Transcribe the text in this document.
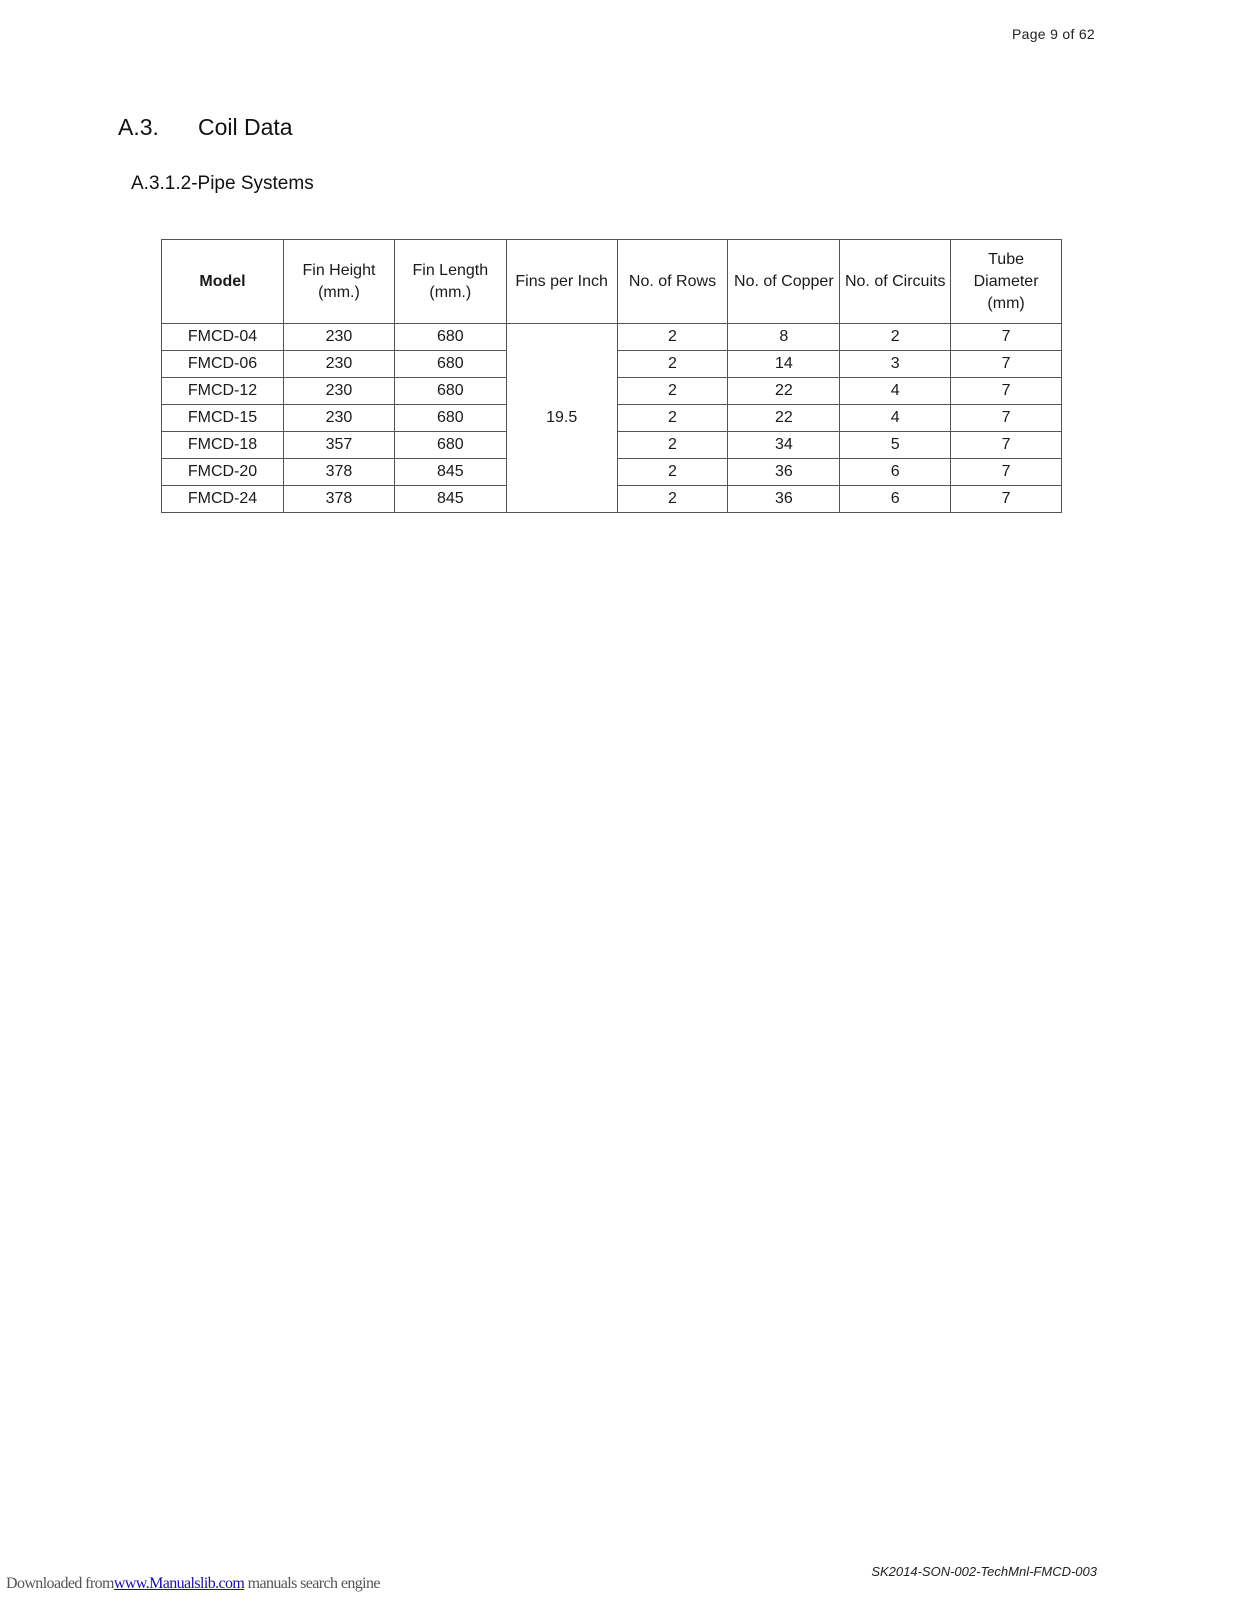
Page 9 of 62
A.3.	Coil Data
A.3.1.2-Pipe Systems
Model	Fin Height (mm.)	Fin Length (mm.)	Fins per Inch	No. of Rows	No. of Copper	No. of Circuits	Tube Diameter (mm)
FMCD-04	230	680	19.5	2	8	2	7
FMCD-06	230	680		2	14	3	7
FMCD-12	230	680		2	22	4	7
FMCD-15	230	680		2	22	4	7
FMCD-18	357	680		2	34	5	7
FMCD-20	378	845		2	36	6	7
FMCD-24	378	845		2	36	6	7
SK2014-SON-002-TechMnl-FMCD-003
Downloaded fromwww.Manualslib.com manuals search engine
